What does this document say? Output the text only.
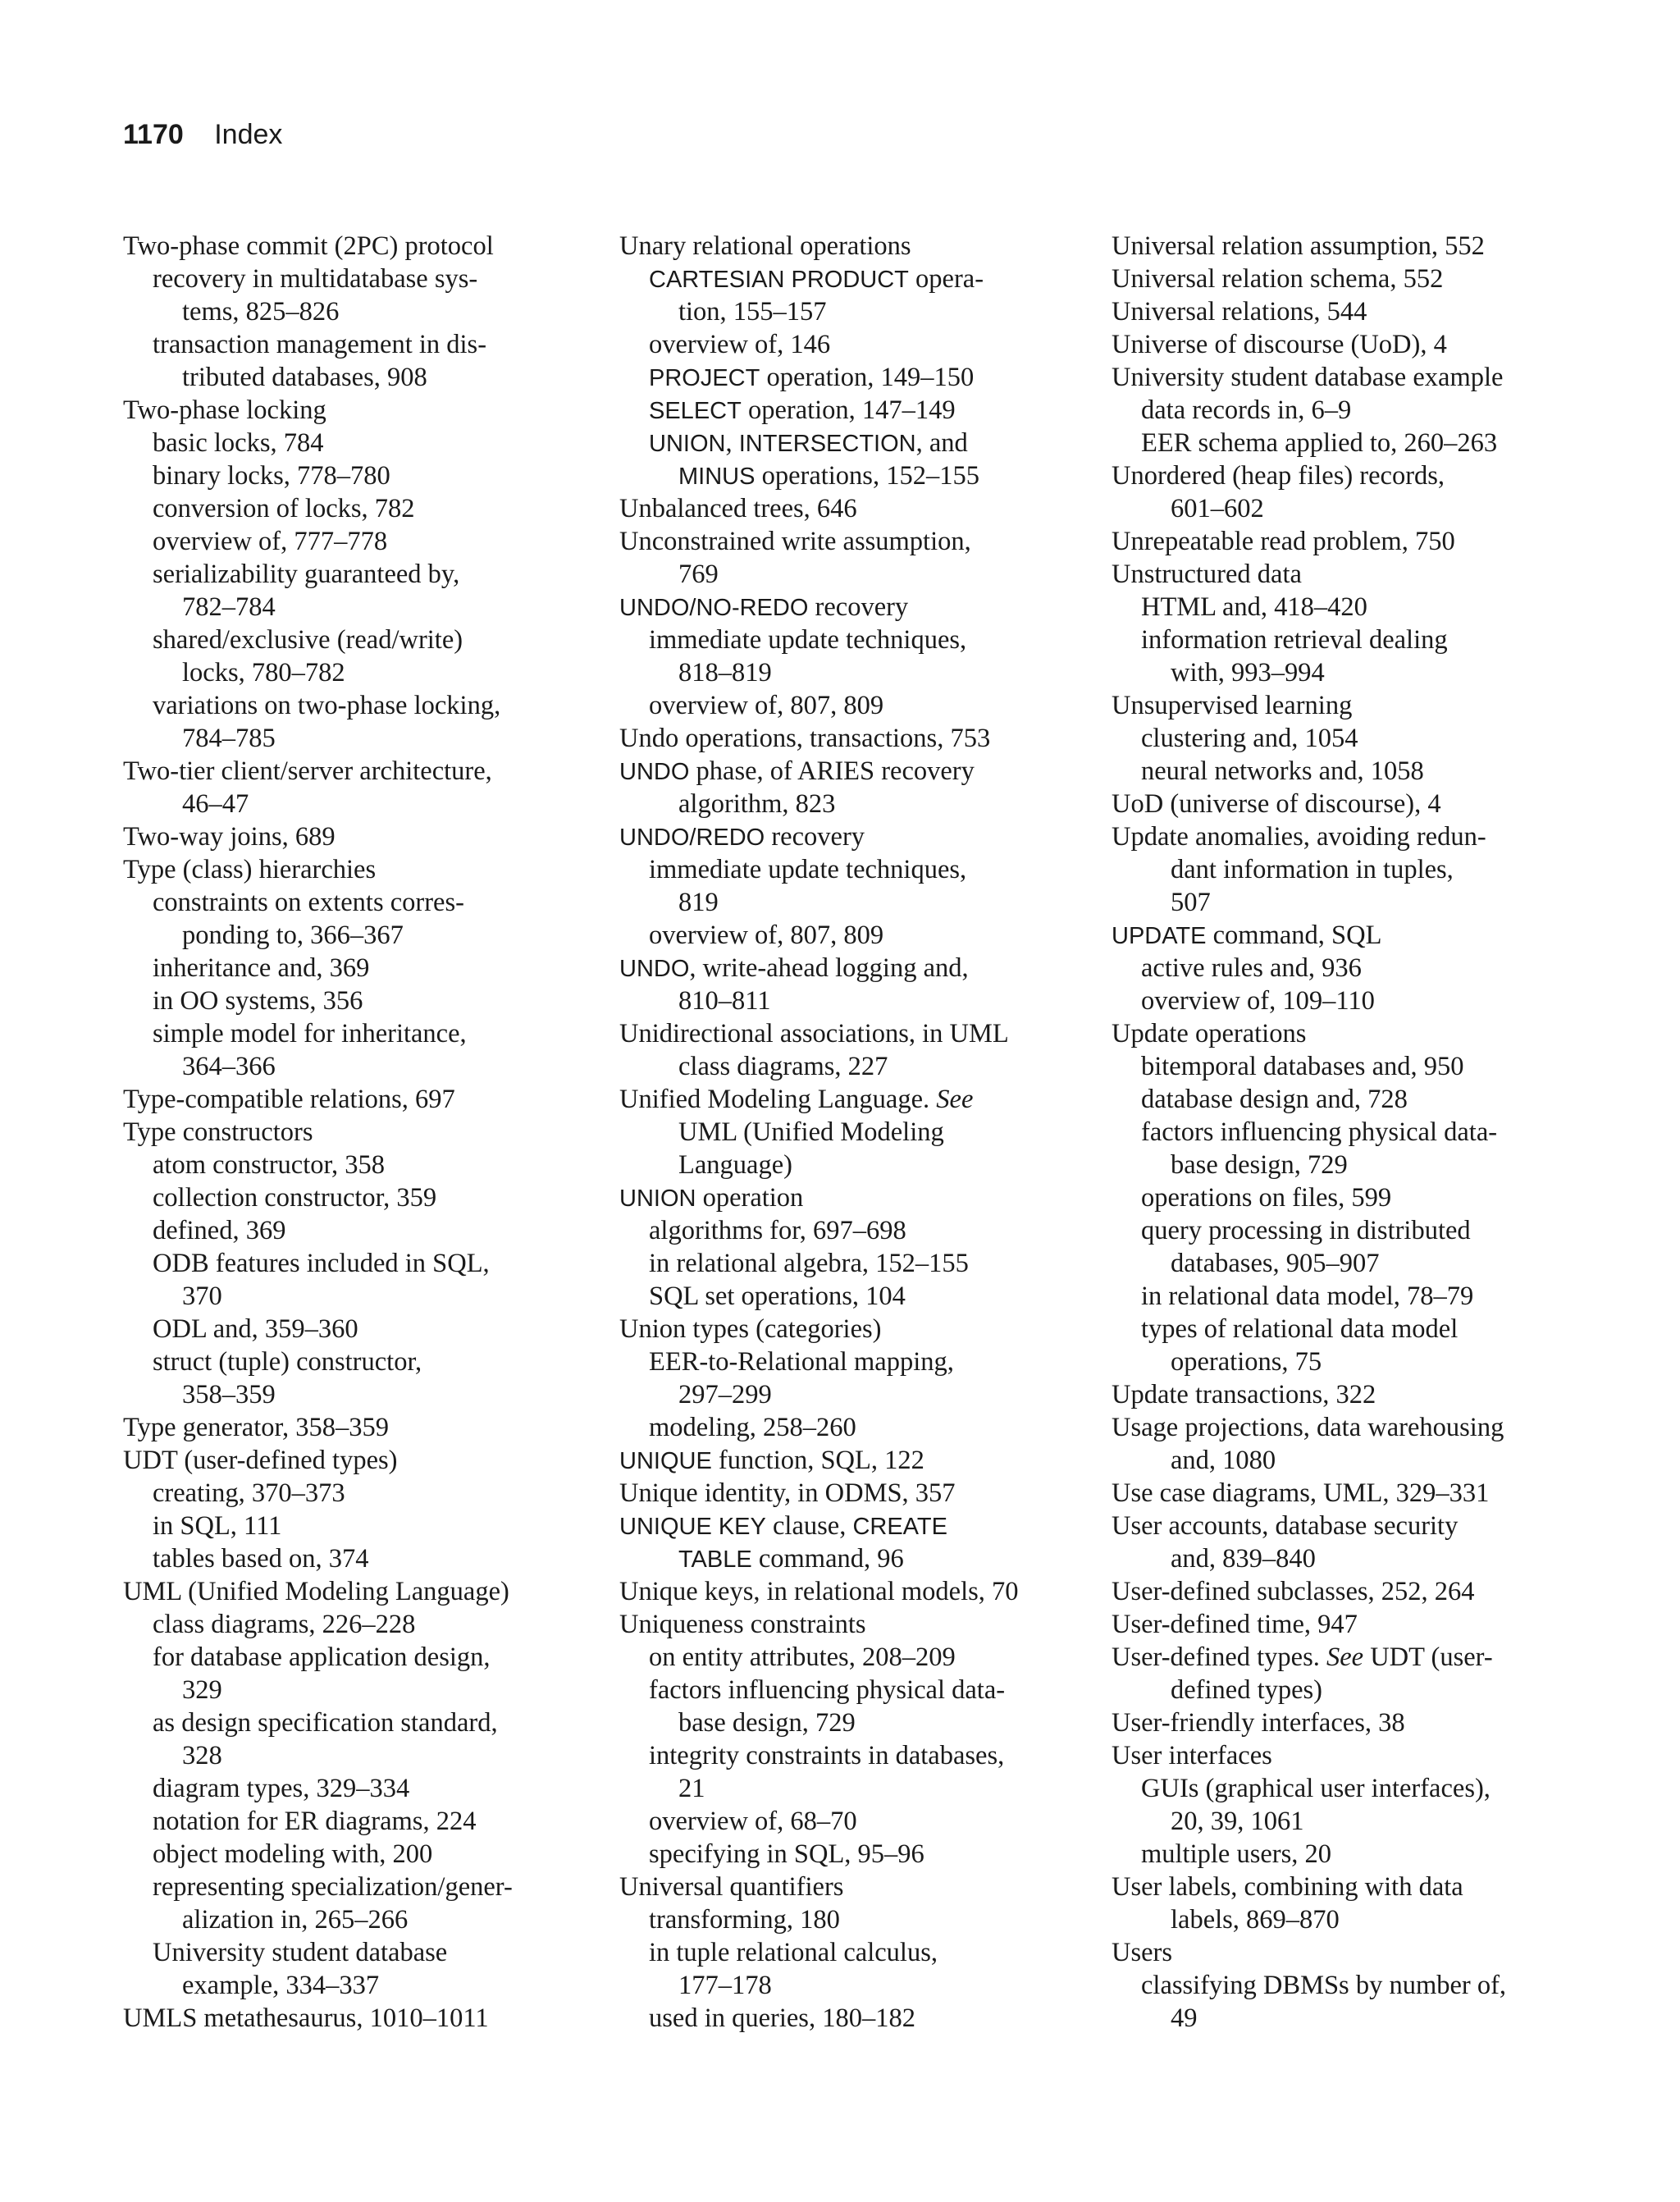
1170 Index
Two-phase commit (2PC) protocol
recovery in multidatabase sys-
tems, 825–826
transaction management in dis-
tributed databases, 908
Two-phase locking
basic locks, 784
binary locks, 778–780
conversion of locks, 782
overview of, 777–778
serializability guaranteed by,
782–784
shared/exclusive (read/write)
locks, 780–782
variations on two-phase locking,
784–785
Two-tier client/server architecture,
46–47
Two-way joins, 689
Type (class) hierarchies
constraints on extents corres-
ponding to, 366–367
inheritance and, 369
in OO systems, 356
simple model for inheritance,
364–366
Type-compatible relations, 697
Type constructors
atom constructor, 358
collection constructor, 359
defined, 369
ODB features included in SQL,
370
ODL and, 359–360
struct (tuple) constructor,
358–359
Type generator, 358–359
UDT (user-defined types)
creating, 370–373
in SQL, 111
tables based on, 374
UML (Unified Modeling Language)
class diagrams, 226–228
for database application design,
329
as design specification standard,
328
diagram types, 329–334
notation for ER diagrams, 224
object modeling with, 200
representing specialization/gener-
alization in, 265–266
University student database
example, 334–337
UMLS metathesaurus, 1010–1011
Unary relational operations
CARTESIAN PRODUCT opera-
tion, 155–157
overview of, 146
PROJECT operation, 149–150
SELECT operation, 147–149
UNION, INTERSECTION, and
MINUS operations, 152–155
Unbalanced trees, 646
Unconstrained write assumption,
769
UNDO/NO-REDO recovery
immediate update techniques,
818–819
overview of, 807, 809
Undo operations, transactions, 753
UNDO phase, of ARIES recovery
algorithm, 823
UNDO/REDO recovery
immediate update techniques,
819
overview of, 807, 809
UNDO, write-ahead logging and,
810–811
Unidirectional associations, in UML
class diagrams, 227
Unified Modeling Language. See
UML (Unified Modeling
Language)
UNION operation
algorithms for, 697–698
in relational algebra, 152–155
SQL set operations, 104
Union types (categories)
EER-to-Relational mapping,
297–299
modeling, 258–260
UNIQUE function, SQL, 122
Unique identity, in ODMS, 357
UNIQUE KEY clause, CREATE
TABLE command, 96
Unique keys, in relational models, 70
Uniqueness constraints
on entity attributes, 208–209
factors influencing physical data-
base design, 729
integrity constraints in databases,
21
overview of, 68–70
specifying in SQL, 95–96
Universal quantifiers
transforming, 180
in tuple relational calculus,
177–178
used in queries, 180–182
Universal relation assumption, 552
Universal relation schema, 552
Universal relations, 544
Universe of discourse (UoD), 4
University student database example
data records in, 6–9
EER schema applied to, 260–263
Unordered (heap files) records,
601–602
Unrepeatable read problem, 750
Unstructured data
HTML and, 418–420
information retrieval dealing
with, 993–994
Unsupervised learning
clustering and, 1054
neural networks and, 1058
UoD (universe of discourse), 4
Update anomalies, avoiding redun-
dant information in tuples,
507
UPDATE command, SQL
active rules and, 936
overview of, 109–110
Update operations
bitemporal databases and, 950
database design and, 728
factors influencing physical data-
base design, 729
operations on files, 599
query processing in distributed
databases, 905–907
in relational data model, 78–79
types of relational data model
operations, 75
Update transactions, 322
Usage projections, data warehousing
and, 1080
Use case diagrams, UML, 329–331
User accounts, database security
and, 839–840
User-defined subclasses, 252, 264
User-defined time, 947
User-defined types. See UDT (user-
defined types)
User-friendly interfaces, 38
User interfaces
GUIs (graphical user interfaces),
20, 39, 1061
multiple users, 20
User labels, combining with data
labels, 869–870
Users
classifying DBMSs by number of,
49
